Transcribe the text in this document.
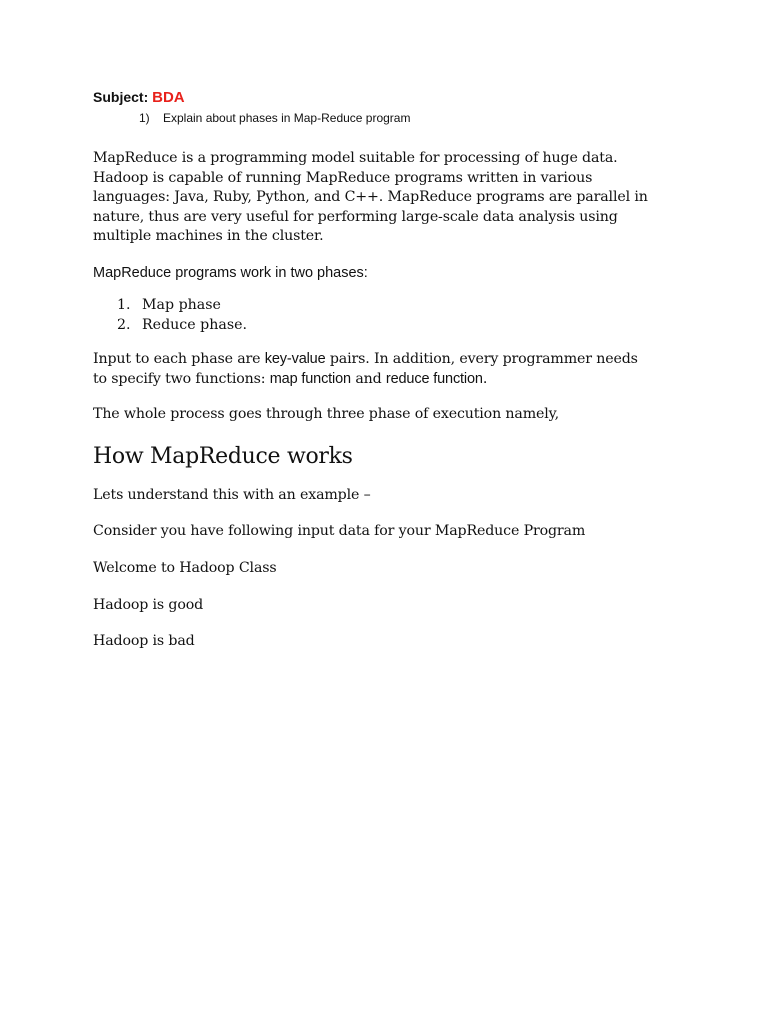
Subject: BDA
1)	Explain about phases in Map-Reduce program
MapReduce is a programming model suitable for processing of huge data.
Hadoop is capable of running MapReduce programs written in various
languages: Java, Ruby, Python, and C++. MapReduce programs are parallel in
nature, thus are very useful for performing large-scale data analysis using
multiple machines in the cluster.

MapReduce programs work in two phases:

1. Map phase
2. Reduce phase.
Input to each phase are key-value pairs. In addition, every programmer needs
to specify two functions: map function and reduce function.

The whole process goes through three phase of execution namely,

How MapReduce works

Lets understand this with an example –

Consider you have following input data for your MapReduce Program

Welcome to Hadoop Class

Hadoop is good

Hadoop is bad
